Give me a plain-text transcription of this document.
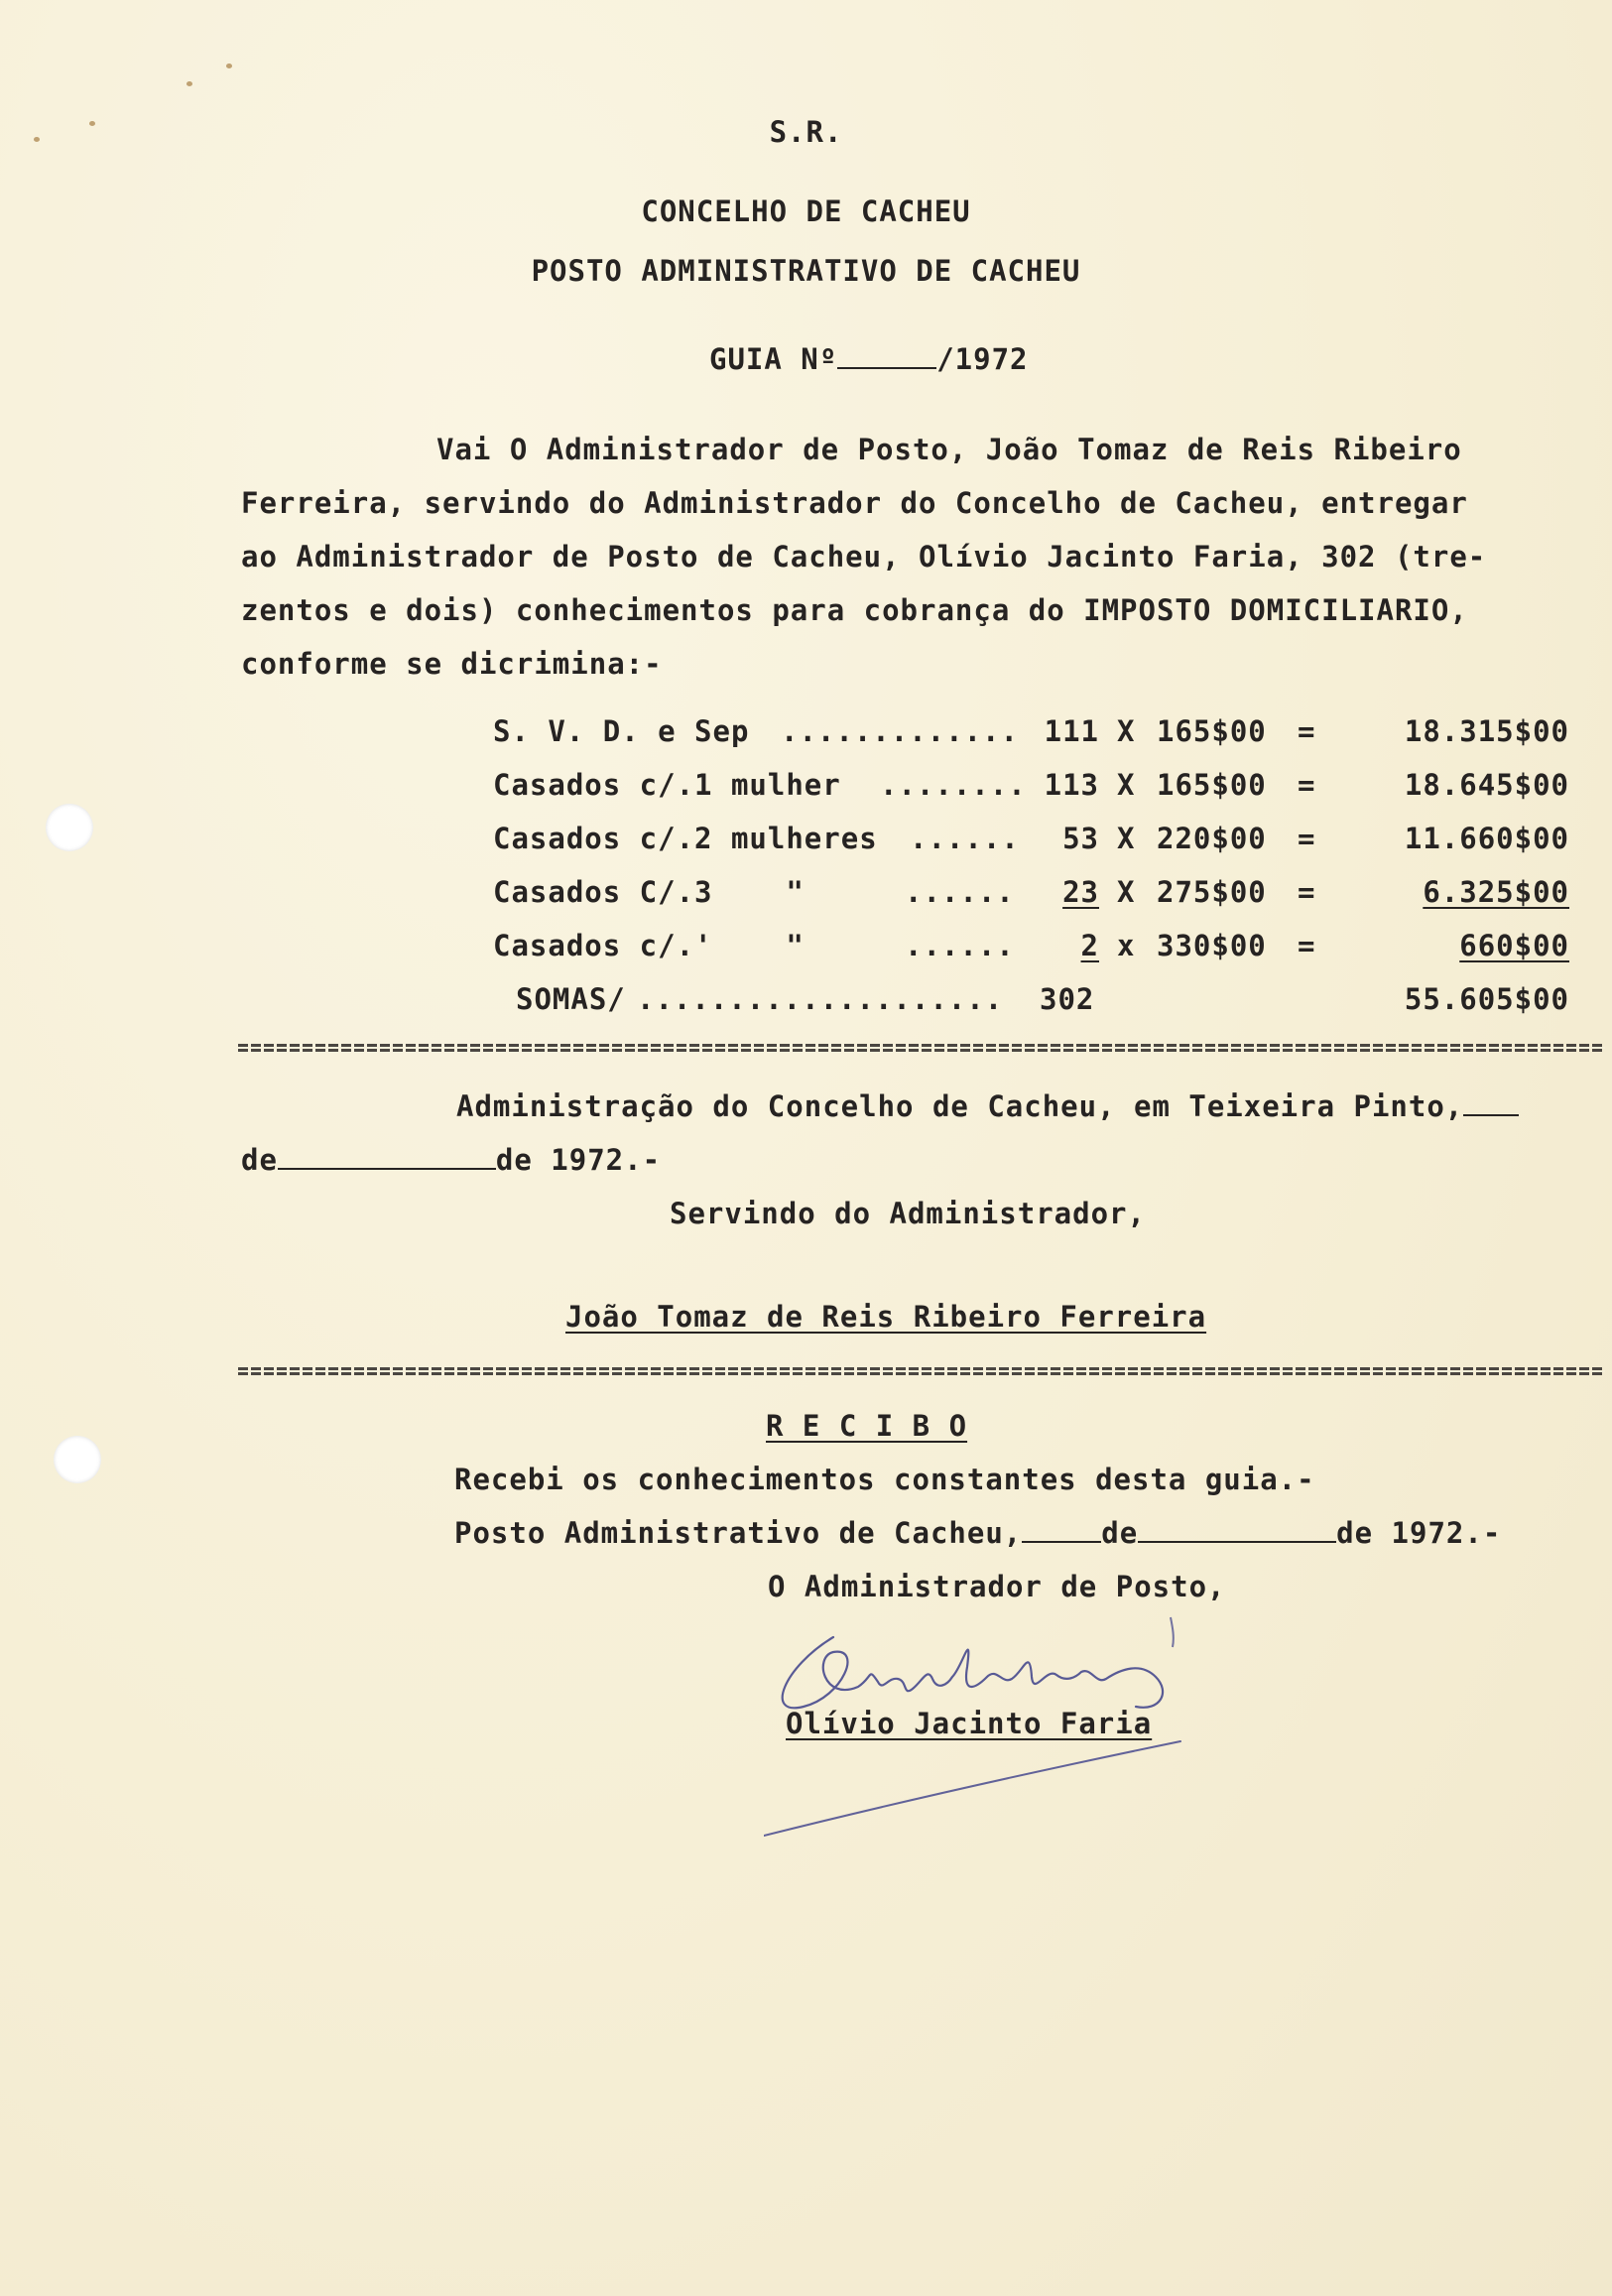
S.R.
CONCELHO DE CACHEU
POSTO ADMINISTRATIVO DE CACHEU
GUIA Nº	/1972
Vai O Administrador de Posto, João Tomaz de Reis Ribeiro
Ferreira, servindo do Administrador do Concelho de Cacheu, entregar
ao Administrador de Posto de Cacheu, Olívio Jacinto Faria, 302 (tre-
zentos e dois) conhecimentos para cobrança do IMPOSTO DOMICILIARIO,
conforme se dicrimina:-
S. V. D. e Sep ............. 111 X 165$00 =	18.315$00
Casados c/.1 mulher ........ 113 X 165$00 =	18.645$00
Casados c/.2 mulheres ......	53 X 220$00 =	11.660$00
Casados C/.3    "	......	23 X 275$00 =	6.325$00
Casados c/.'    "	......	2 x 330$00 =	660$00
SOMAS/ .................... 302	55.605$00
Administração do Concelho de Cacheu, em Teixeira Pinto,
de	de 1972.-
Servindo do Administrador,
João Tomaz de Reis Ribeiro Ferreira
R E C I B O
Recebi os conhecimentos constantes desta guia.-
Posto Administrativo de Cacheu,	de	de 1972.-
O Administrador de Posto,
Olívio Jacinto Faria
